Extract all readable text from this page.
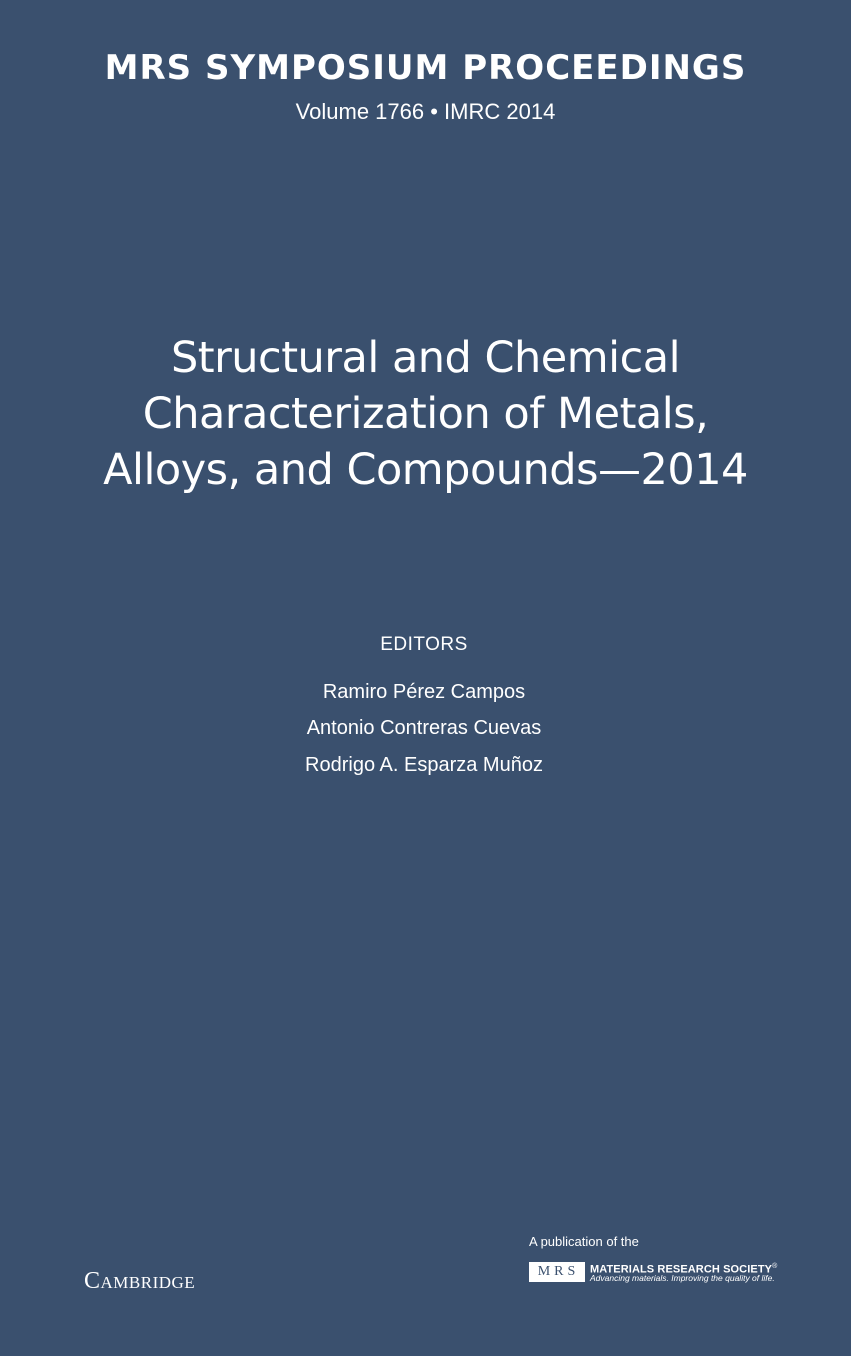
MRS SYMPOSIUM PROCEEDINGS
Volume 1766 • IMRC 2014
Structural and Chemical
Characterization of Metals,
Alloys, and Compounds—2014
EDITORS
Ramiro Pérez Campos
Antonio Contreras Cuevas
Rodrigo A. Esparza Muñoz
Cambridge
A publication of the
MRS MATERIALS RESEARCH SOCIETY®
Advancing materials. Improving the quality of life.
